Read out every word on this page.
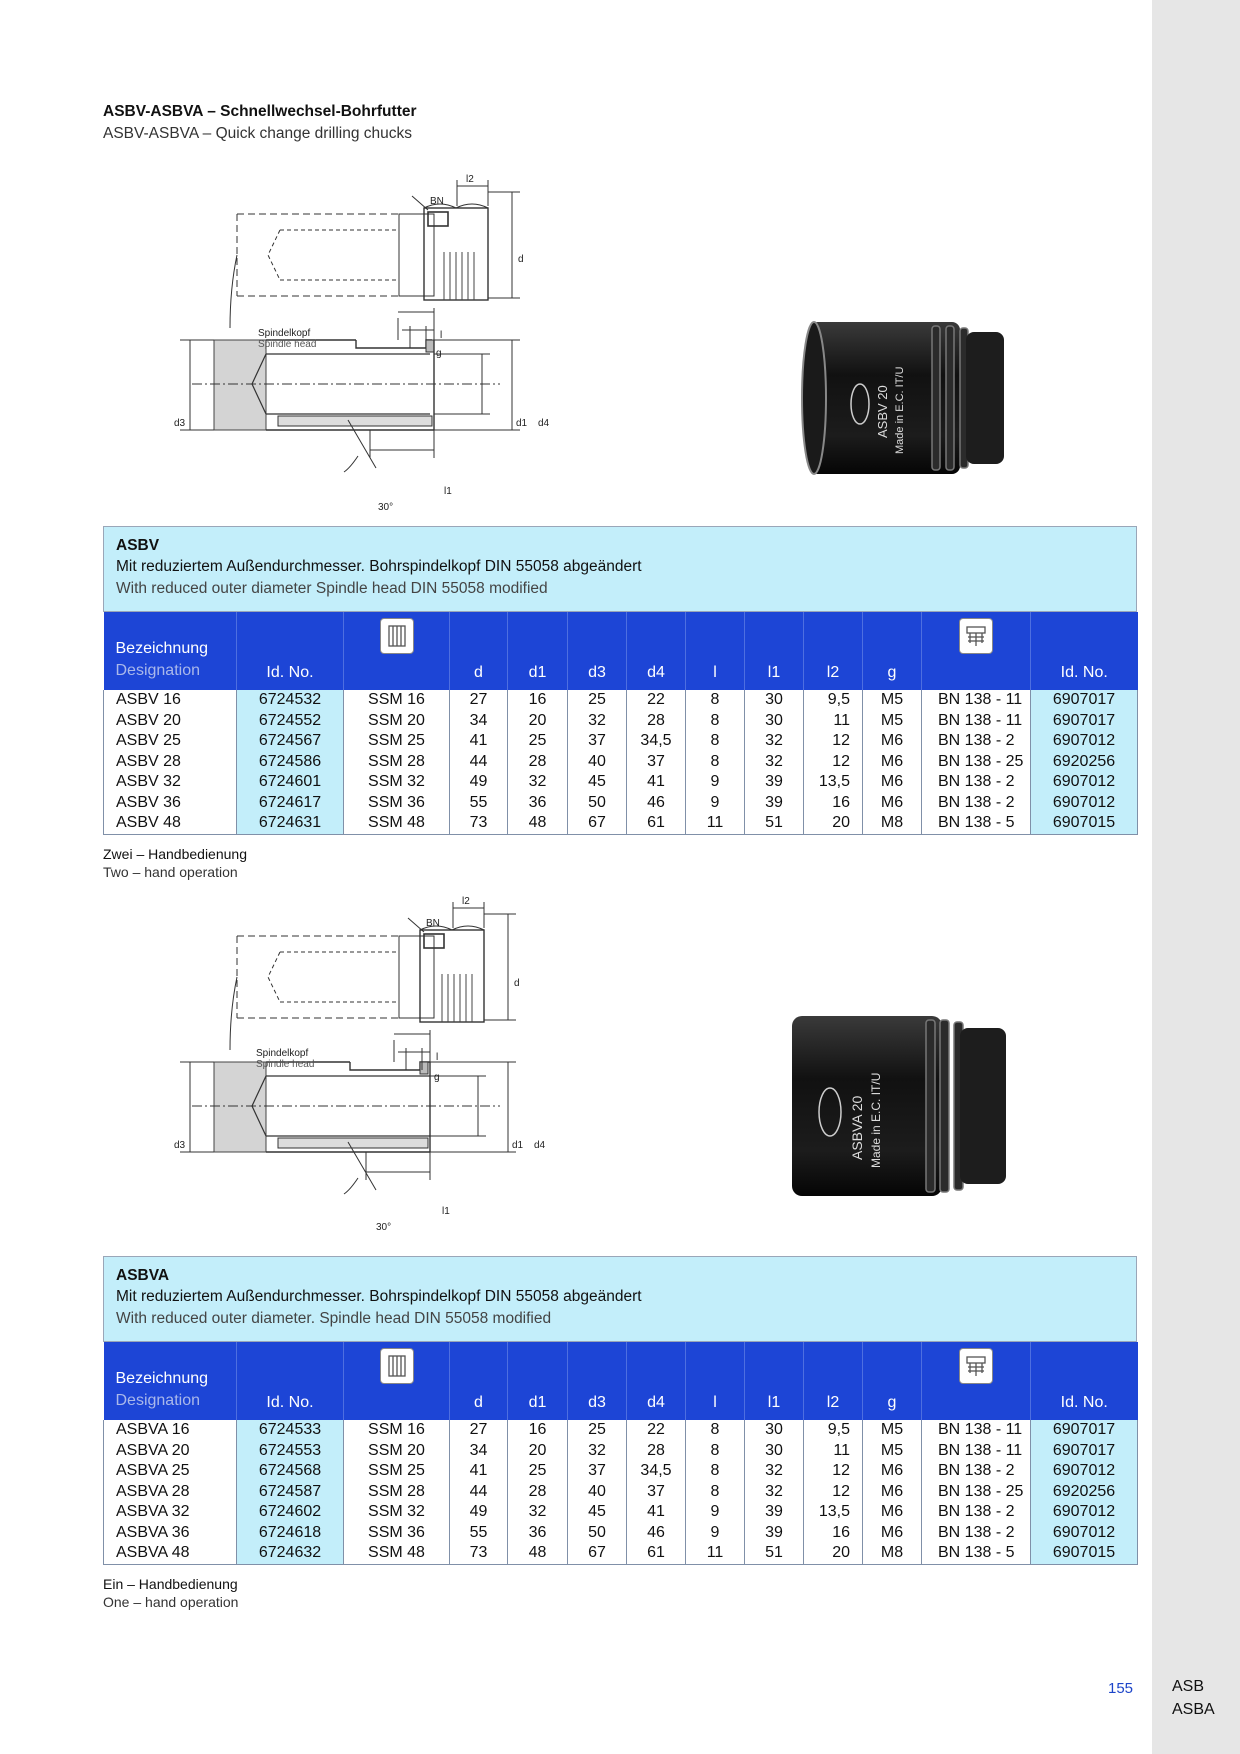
ASB
ASBA
155
ASBV-ASBVA – Schnellwechsel-Bohrfutter
ASBV-ASBVA – Quick change drilling chucks
BN
l2
d
Spindelkopf
Spindle head
l
g
d3	d1 d4
l1
30°
ASBV 20 Made in E.C. IT/U
ASBV
Mit reduziertem Außendurchmesser. Bohrspindelkopf DIN 55058 abgeändert
With reduced outer diameter Spindle head DIN 55058 modified
Bezeichnung
Designation	Id. No.		d	d1	d3	d4	l	l1	l2	g		Id. No.
ASBV 16	6724532	SSM 16	27	16	25	22	8	30	9,5	M5	BN 138 - 11	6907017
ASBV 20	6724552	SSM 20	34	20	32	28	8	30	11	M5	BN 138 - 11	6907017
ASBV 25	6724567	SSM 25	41	25	37	34,5	8	32	12	M6	BN 138 - 2	6907012
ASBV 28	6724586	SSM 28	44	28	40	37	8	32	12	M6	BN 138 - 25	6920256
ASBV 32	6724601	SSM 32	49	32	45	41	9	39	13,5	M6	BN 138 - 2	6907012
ASBV 36	6724617	SSM 36	55	36	50	46	9	39	16	M6	BN 138 - 2	6907012
ASBV 48	6724631	SSM 48	73	48	67	61	11	51	20	M8	BN 138 - 5	6907015
Zwei – Handbedienung
Two – hand operation
BN
l2
d
Spindelkopf
Spindle head
l
g
d3	d1 d4
l1
30°
ASBVA 20 Made in E.C. IT/U
ASBVA
Mit reduziertem Außendurchmesser. Bohrspindelkopf DIN 55058 abgeändert
With reduced outer diameter. Spindle head DIN 55058 modified
Bezeichnung
Designation	Id. No.		d	d1	d3	d4	l	l1	l2	g		Id. No.
ASBVA 16	6724533	SSM 16	27	16	25	22	8	30	9,5	M5	BN 138 - 11	6907017
ASBVA 20	6724553	SSM 20	34	20	32	28	8	30	11	M5	BN 138 - 11	6907017
ASBVA 25	6724568	SSM 25	41	25	37	34,5	8	32	12	M6	BN 138 - 2	6907012
ASBVA 28	6724587	SSM 28	44	28	40	37	8	32	12	M6	BN 138 - 25	6920256
ASBVA 32	6724602	SSM 32	49	32	45	41	9	39	13,5	M6	BN 138 - 2	6907012
ASBVA 36	6724618	SSM 36	55	36	50	46	9	39	16	M6	BN 138 - 2	6907012
ASBVA 48	6724632	SSM 48	73	48	67	61	11	51	20	M8	BN 138 - 5	6907015
Ein – Handbedienung
One – hand operation
